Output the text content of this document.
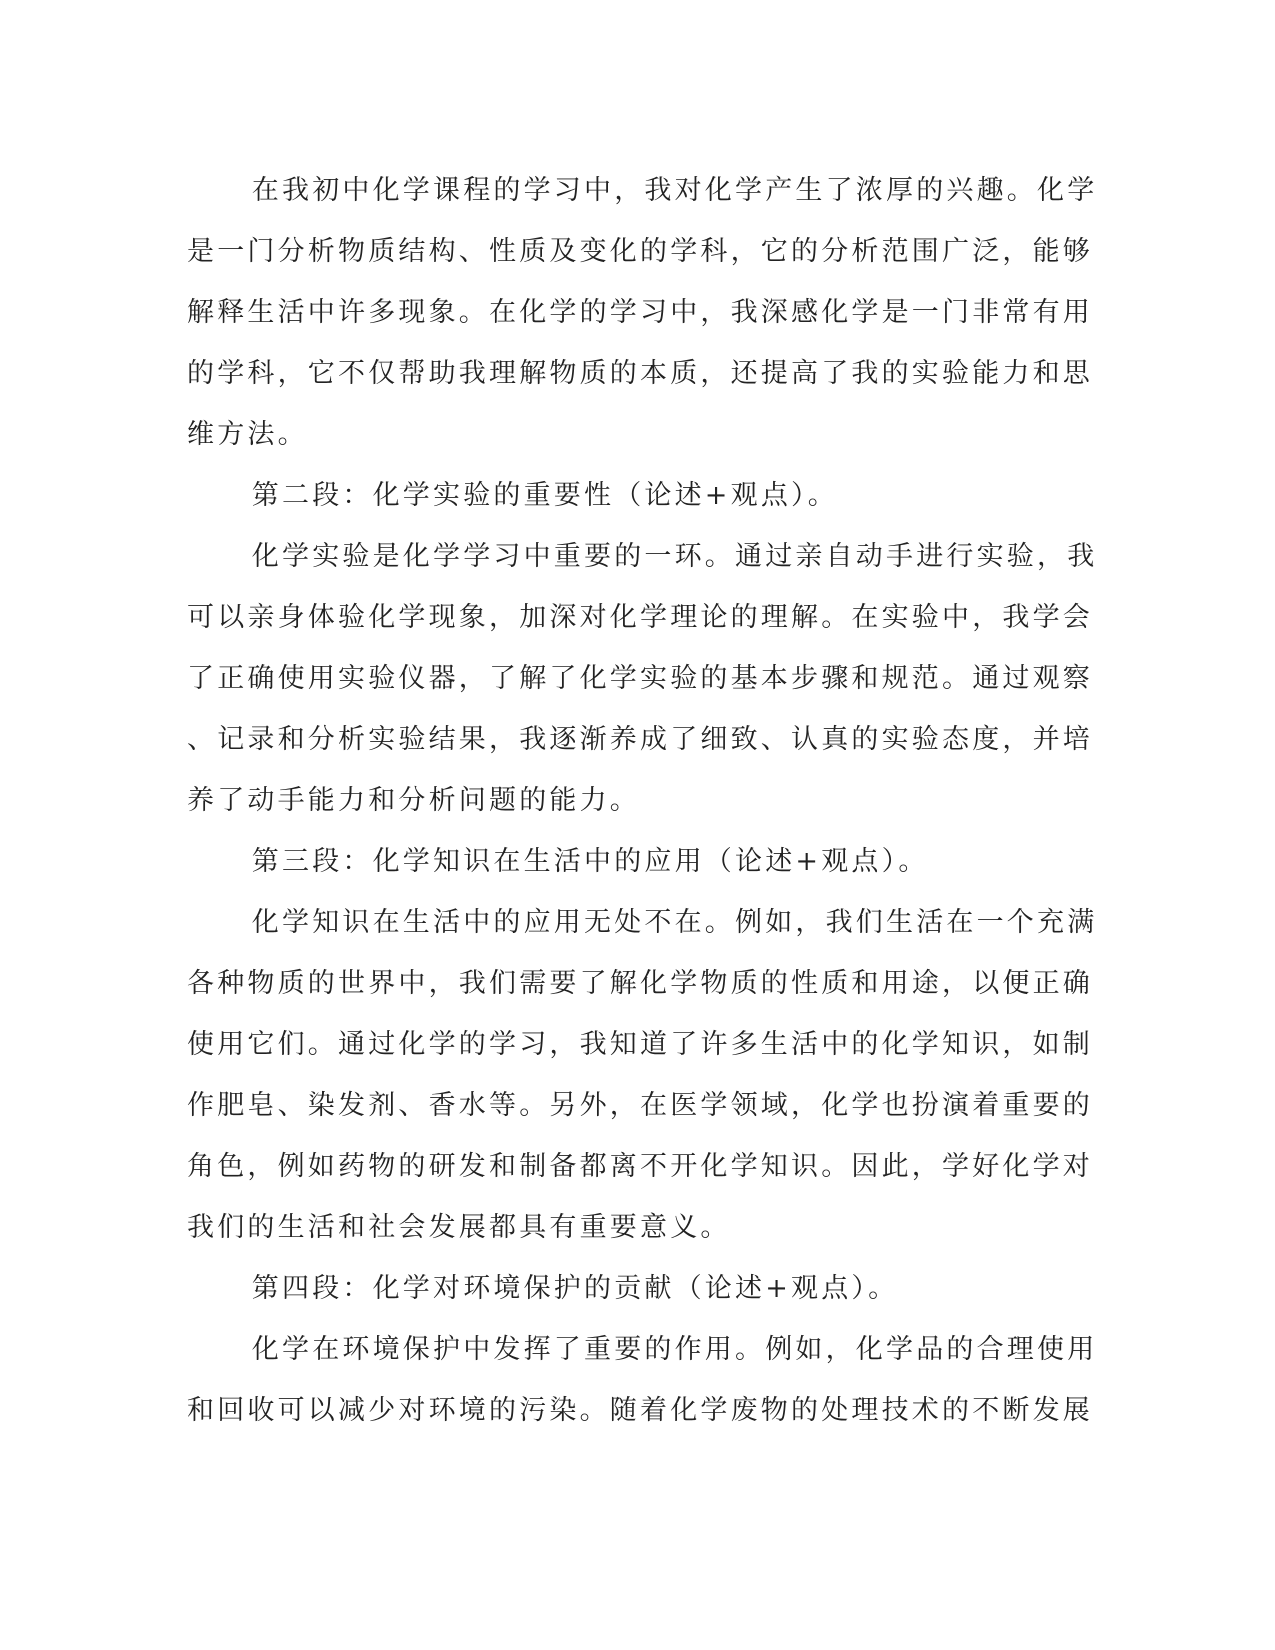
在我初中化学课程的学习中，我对化学产生了浓厚的兴趣。化学
是一门分析物质结构、性质及变化的学科，它的分析范围广泛，能够
解释生活中许多现象。在化学的学习中，我深感化学是一门非常有用
的学科，它不仅帮助我理解物质的本质，还提高了我的实验能力和思
维方法。

第二段：化学实验的重要性（论述+观点）。

化学实验是化学学习中重要的一环。通过亲自动手进行实验，我
可以亲身体验化学现象，加深对化学理论的理解。在实验中，我学会
了正确使用实验仪器，了解了化学实验的基本步骤和规范。通过观察
、记录和分析实验结果，我逐渐养成了细致、认真的实验态度，并培
养了动手能力和分析问题的能力。

第三段：化学知识在生活中的应用（论述+观点）。

化学知识在生活中的应用无处不在。例如，我们生活在一个充满
各种物质的世界中，我们需要了解化学物质的性质和用途，以便正确
使用它们。通过化学的学习，我知道了许多生活中的化学知识，如制
作肥皂、染发剂、香水等。另外，在医学领域，化学也扮演着重要的
角色，例如药物的研发和制备都离不开化学知识。因此，学好化学对
我们的生活和社会发展都具有重要意义。

第四段：化学对环境保护的贡献（论述+观点）。

化学在环境保护中发挥了重要的作用。例如，化学品的合理使用
和回收可以减少对环境的污染。随着化学废物的处理技术的不断发展
